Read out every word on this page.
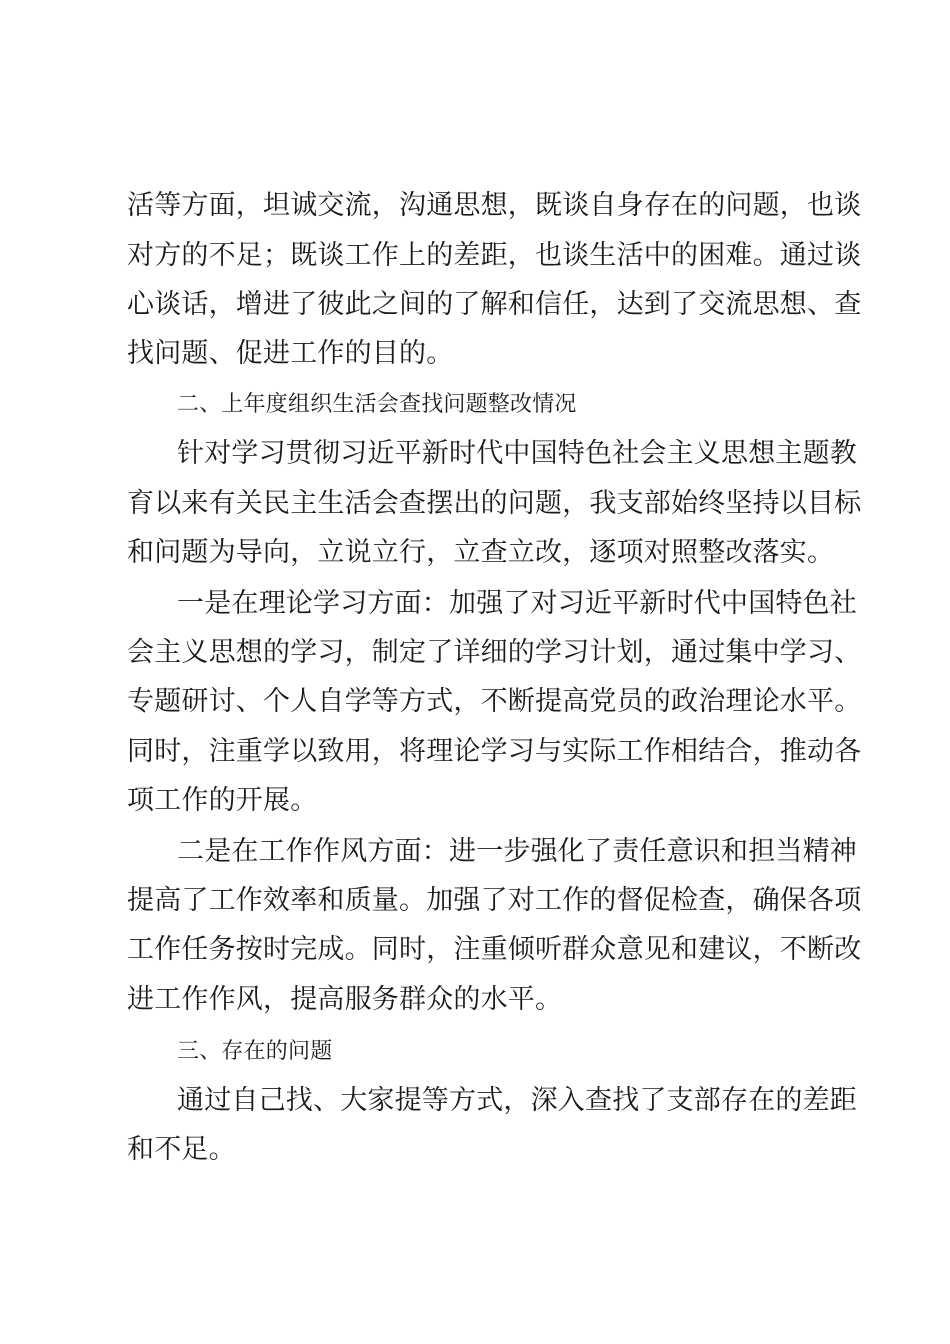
活等方面，坦诚交流，沟通思想，既谈自身存在的问题，也谈
对方的不足；既谈工作上的差距，也谈生活中的困难。通过谈
心谈话，增进了彼此之间的了解和信任，达到了交流思想、查
找问题、促进工作的目的。
二、上年度组织生活会查找问题整改情况
针对学习贯彻习近平新时代中国特色社会主义思想主题教
育以来有关民主生活会查摆出的问题，我支部始终坚持以目标
和问题为导向，立说立行，立查立改，逐项对照整改落实。
一是在理论学习方面：加强了对习近平新时代中国特色社
会主义思想的学习，制定了详细的学习计划，通过集中学习、
专题研讨、个人自学等方式，不断提高党员的政治理论水平。
同时，注重学以致用，将理论学习与实际工作相结合，推动各
项工作的开展。
二是在工作作风方面：进一步强化了责任意识和担当精神
提高了工作效率和质量。加强了对工作的督促检查，确保各项
工作任务按时完成。同时，注重倾听群众意见和建议，不断改
进工作作风，提高服务群众的水平。
三、存在的问题
通过自己找、大家提等方式，深入查找了支部存在的差距
和不足。
